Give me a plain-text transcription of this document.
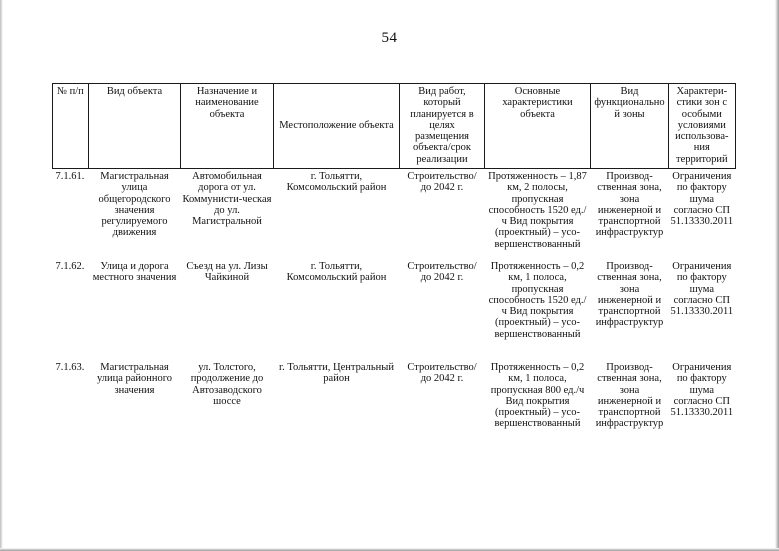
54
№ п/п	Вид объекта	Назначение и наименование объекта	Местоположение объекта	Вид работ, который планируется в целях размещения объекта/срок реализации	Основные характеристики объекта	Вид функционально й зоны	Характери-стики зон с особыми условиями использова-ния территорий
7.1.61.	Магистральная улица общегородского значения регулируемого движения	Автомобильная дорога от ул. Коммунисти-ческая до ул. Магистральной	г. Тольятти, Комсомольский район	Строительство/ до 2042 г.	Протяженность – 1,87 км, 2 полосы, пропускная способность 1520 ед./ч Вид покрытия (проектный) – усо-вершенствованный	Производ-ственная зона, зона инженерной и транспортной инфраструктур	Ограничения по фактору шума согласно СП 51.13330.2011
7.1.62.	Улица и дорога местного значения	Съезд на ул. Лизы Чайкиной	г. Тольятти, Комсомольский район	Строительство/ до 2042 г.	Протяженность – 0,2 км, 1 полоса, пропускная способность 1520 ед./ч Вид покрытия (проектный) – усо-вершенствованный	Производ-ственная зона, зона инженерной и транспортной инфраструктур	Ограничения по фактору шума согласно СП 51.13330.2011
7.1.63.	Магистральная улица районного значения	ул. Толстого, продолжение до Автозаводского шоссе	г. Тольятти, Центральный район	Строительство/ до 2042 г.	Протяженность – 0,2 км, 1 полоса, пропускная 800 ед./ч Вид покрытия (проектный) – усо-вершенствованный	Производ-ственная зона, зона инженерной и транспортной инфраструктур	Ограничения по фактору шума согласно СП 51.13330.2011
